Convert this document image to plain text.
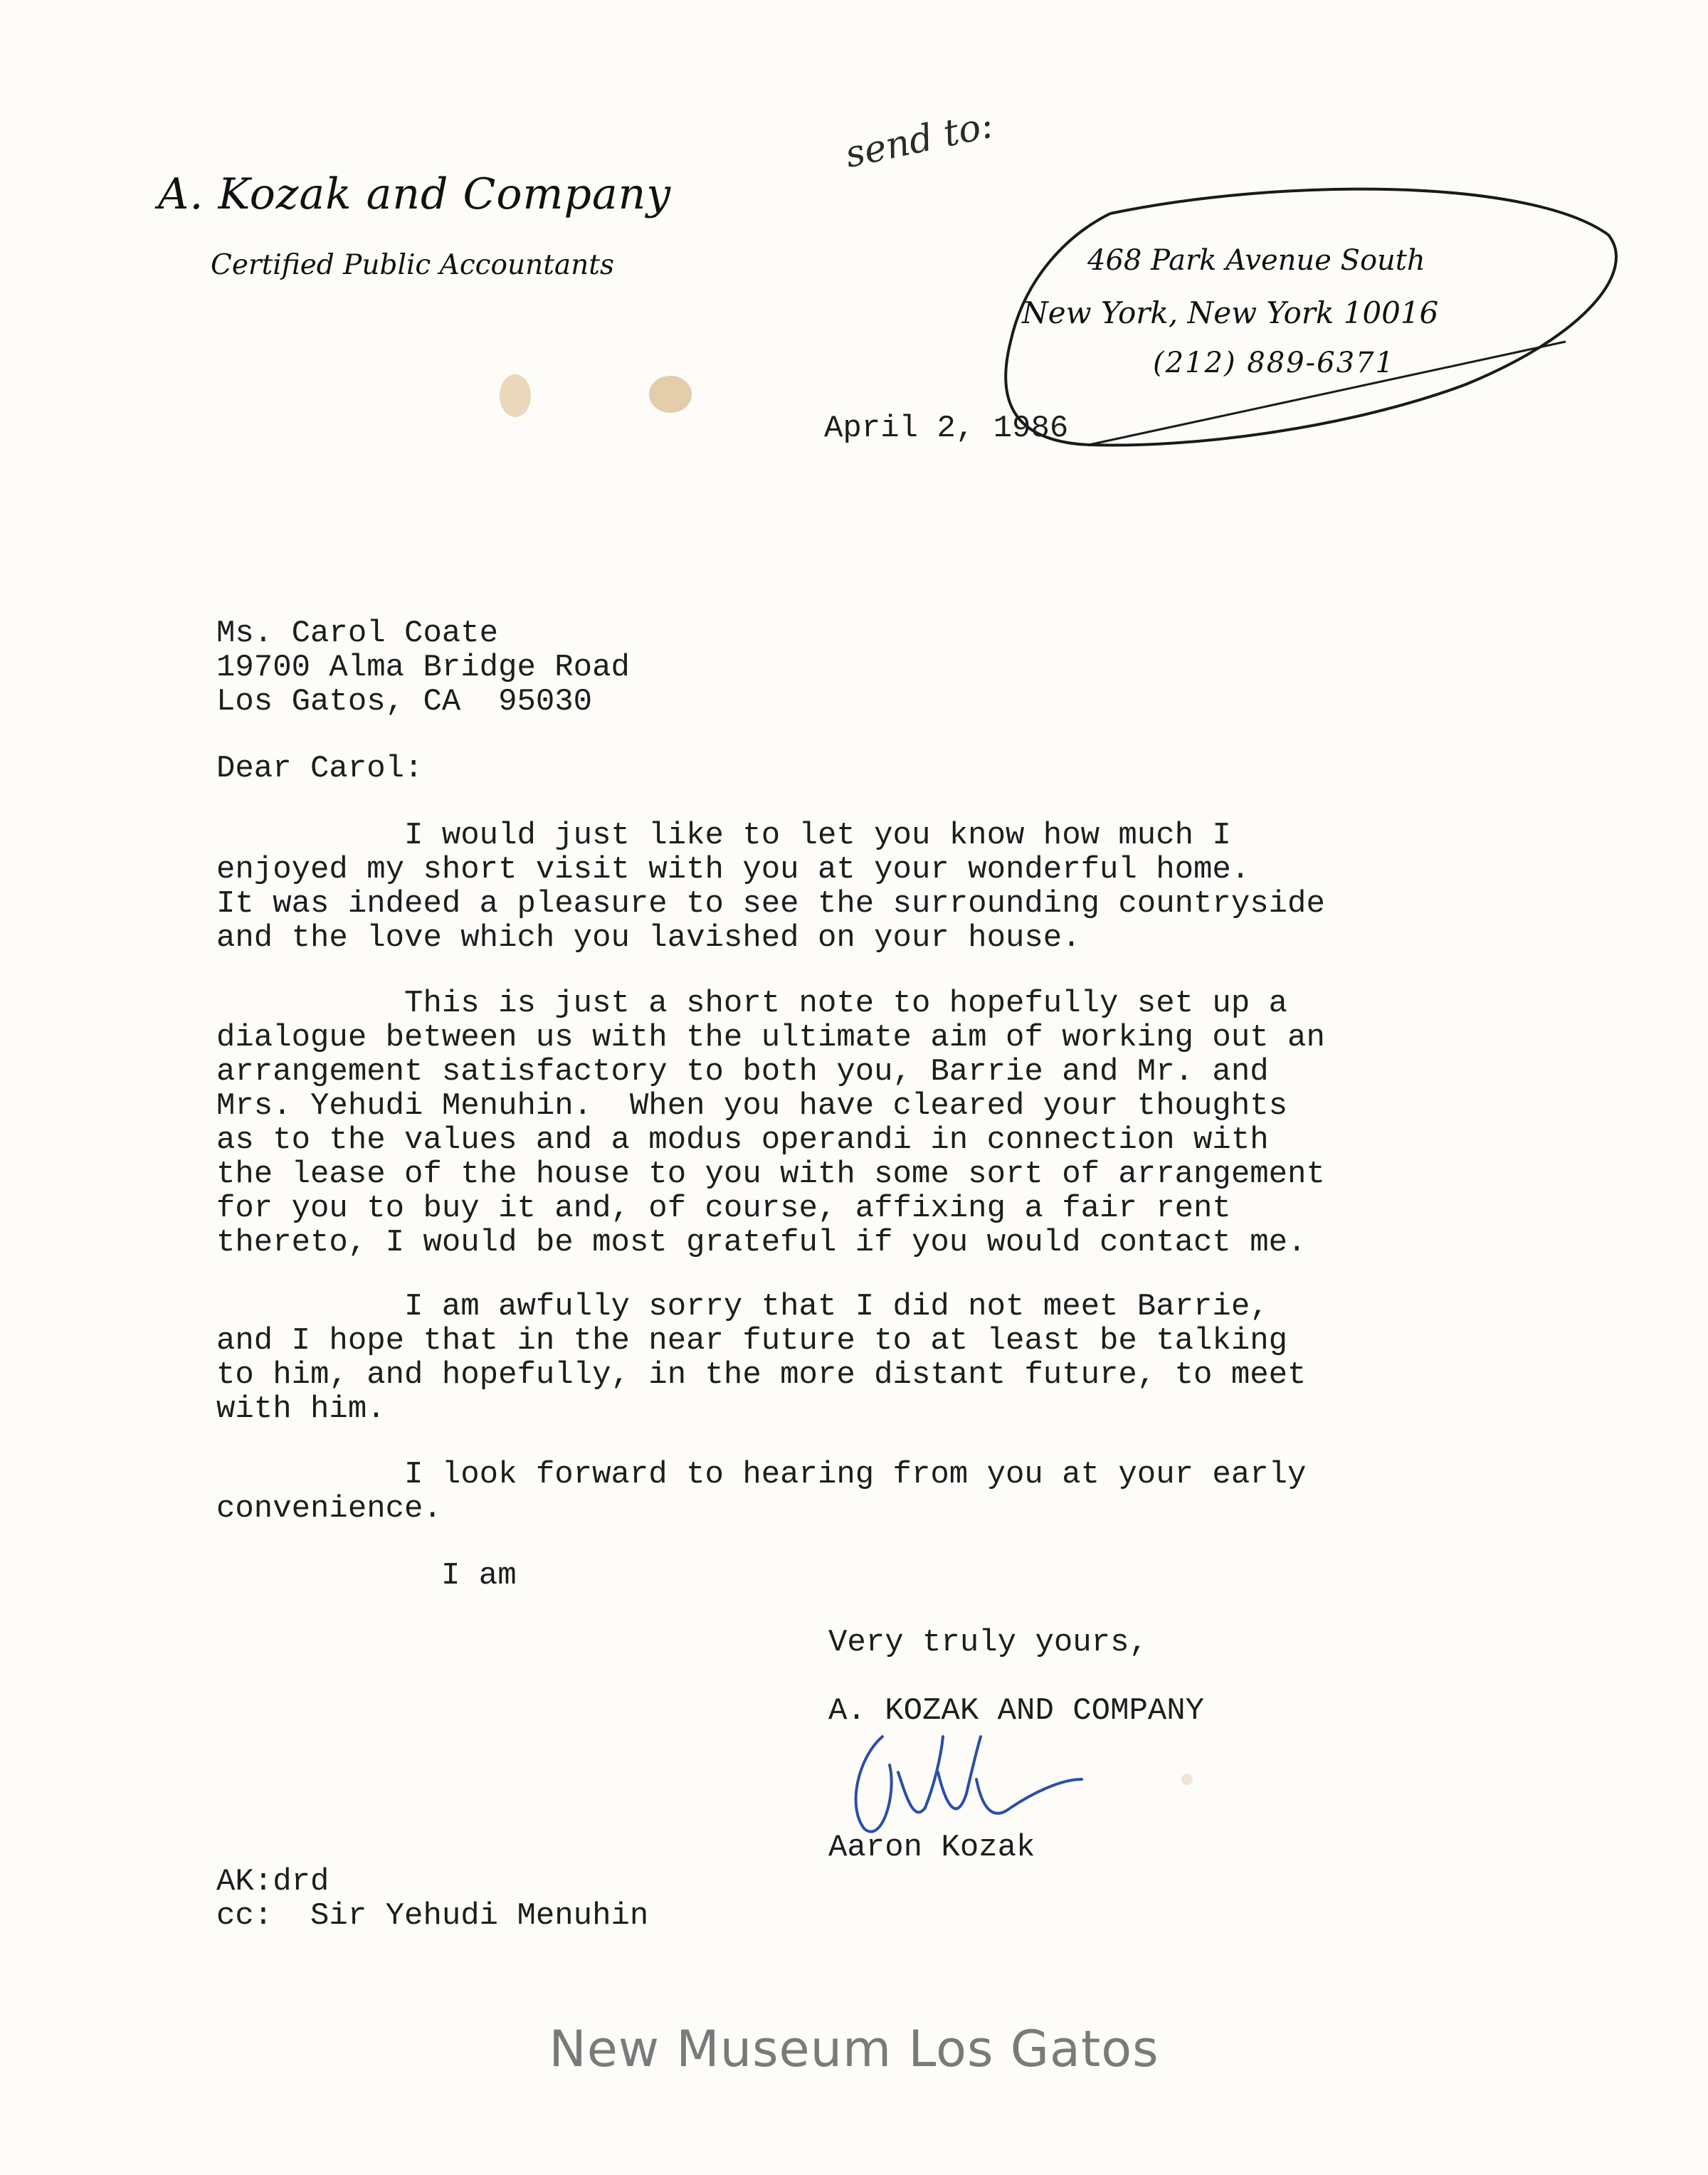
A. Kozak and Company
Certified Public Accountants	468 Park Avenue South
New York, New York 10016
(212) 889-6371
send to:
April 2, 1986
Ms. Carol Coate
19700 Alma Bridge Road
Los Gatos, CA  95030
Dear Carol:
I would just like to let you know how much I
enjoyed my short visit with you at your wonderful home.
It was indeed a pleasure to see the surrounding countryside
and the love which you lavished on your house.
This is just a short note to hopefully set up a
dialogue between us with the ultimate aim of working out an
arrangement satisfactory to both you, Barrie and Mr. and
Mrs. Yehudi Menuhin.  When you have cleared your thoughts
as to the values and a modus operandi in connection with
the lease of the house to you with some sort of arrangement
for you to buy it and, of course, affixing a fair rent
thereto, I would be most grateful if you would contact me.
I am awfully sorry that I did not meet Barrie,
and I hope that in the near future to at least be talking
to him, and hopefully, in the more distant future, to meet
with him.
I look forward to hearing from you at your early
convenience.
I am
Very truly yours,
A. KOZAK AND COMPANY
Aaron Kozak
AK:drd
cc:  Sir Yehudi Menuhin
New Museum Los Gatos
